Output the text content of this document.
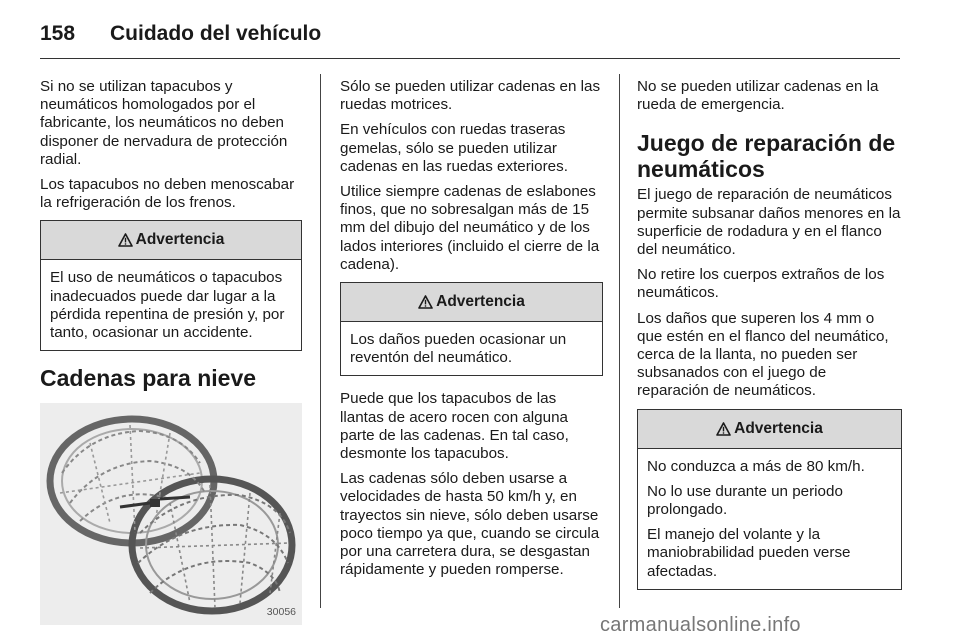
158	Cuidado del vehículo

Si no se utilizan tapacubos y neumáticos homologados por el fabricante, los neumáticos no deben disponer de nervadura de protección radial.

Los tapacubos no deben menoscabar la refrigeración de los frenos.

Advertencia

El uso de neumáticos o tapacubos inadecuados puede dar lugar a la pérdida repentina de presión y, por tanto, ocasionar un accidente.

Cadenas para nieve
30056

Sólo se pueden utilizar cadenas en las ruedas motrices.

En vehículos con ruedas traseras gemelas, sólo se pueden utilizar cadenas en las ruedas exteriores.

Utilice siempre cadenas de eslabones finos, que no sobresalgan más de 15 mm del dibujo del neumático y de los lados interiores (incluido el cierre de la cadena).

Advertencia

Los daños pueden ocasionar un reventón del neumático.

Puede que los tapacubos de las llantas de acero rocen con alguna parte de las cadenas. En tal caso, desmonte los tapacubos.

Las cadenas sólo deben usarse a velocidades de hasta 50 km/h y, en trayectos sin nieve, sólo deben usarse poco tiempo ya que, cuando se circula por una carretera dura, se desgastan rápidamente y pueden romperse.

No se pueden utilizar cadenas en la rueda de emergencia.

Juego de reparación de neumáticos

El juego de reparación de neumáticos permite subsanar daños menores en la superficie de rodadura y en el flanco del neumático.

No retire los cuerpos extraños de los neumáticos.

Los daños que superen los 4 mm o que estén en el flanco del neumático, cerca de la llanta, no pueden ser subsanados con el juego de reparación de neumáticos.

Advertencia

No conduzca a más de 80 km/h.

No lo use durante un periodo prolongado.

El manejo del volante y la maniobrabilidad pueden verse afectadas.

carmanualsonline.info
